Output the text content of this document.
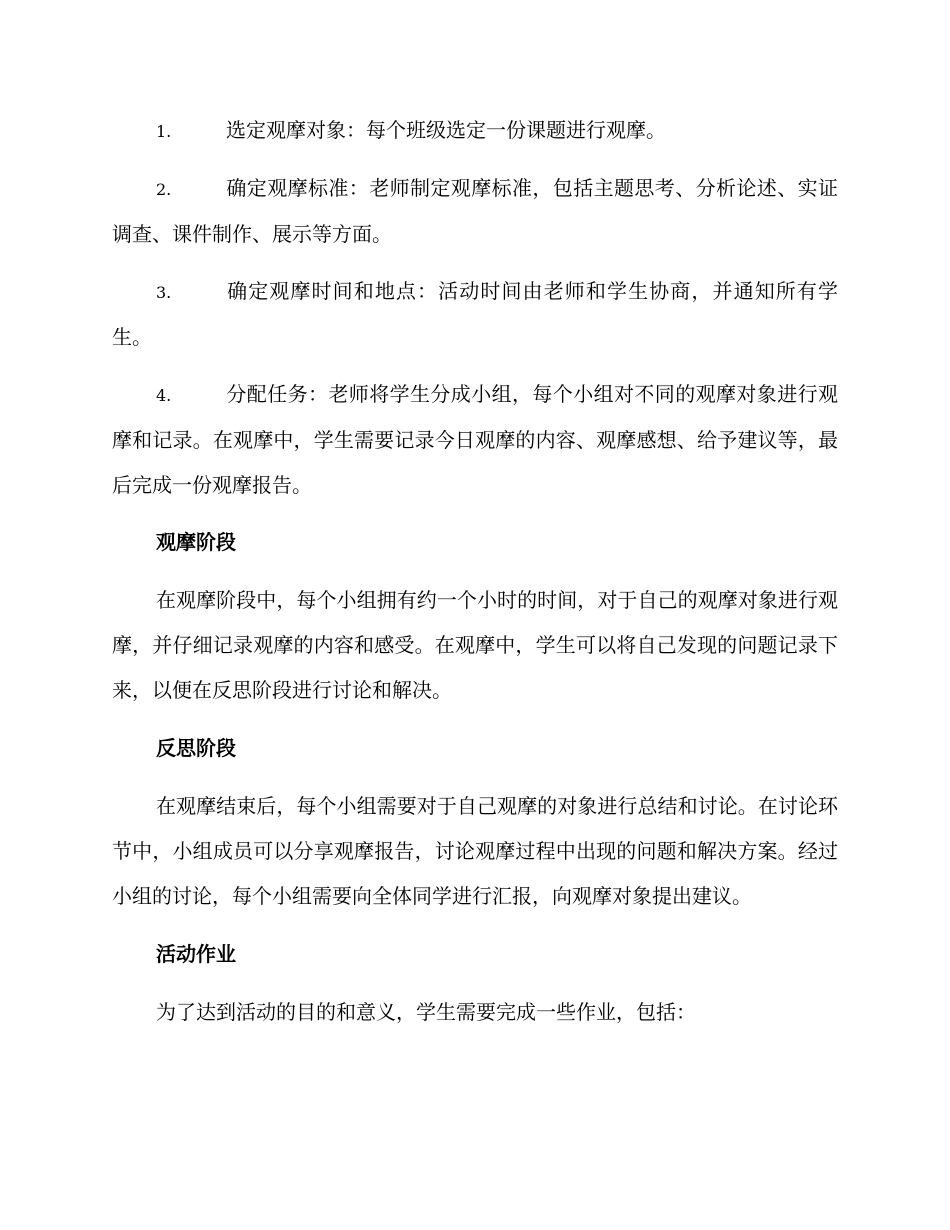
1.	选定观摩对象：每个班级选定一份课题进行观摩。

2.	确定观摩标准：老师制定观摩标准，包括主题思考、分析论述、实证调查、课件制作、展示等方面。

3.	确定观摩时间和地点：活动时间由老师和学生协商，并通知所有学生。

4.	分配任务：老师将学生分成小组，每个小组对不同的观摩对象进行观摩和记录。在观摩中，学生需要记录今日观摩的内容、观摩感想、给予建议等，最后完成一份观摩报告。

观摩阶段

在观摩阶段中，每个小组拥有约一个小时的时间，对于自己的观摩对象进行观摩，并仔细记录观摩的内容和感受。在观摩中，学生可以将自己发现的问题记录下来，以便在反思阶段进行讨论和解决。

反思阶段

在观摩结束后，每个小组需要对于自己观摩的对象进行总结和讨论。在讨论环节中，小组成员可以分享观摩报告，讨论观摩过程中出现的问题和解决方案。经过小组的讨论，每个小组需要向全体同学进行汇报，向观摩对象提出建议。

活动作业

为了达到活动的目的和意义，学生需要完成一些作业，包括：
